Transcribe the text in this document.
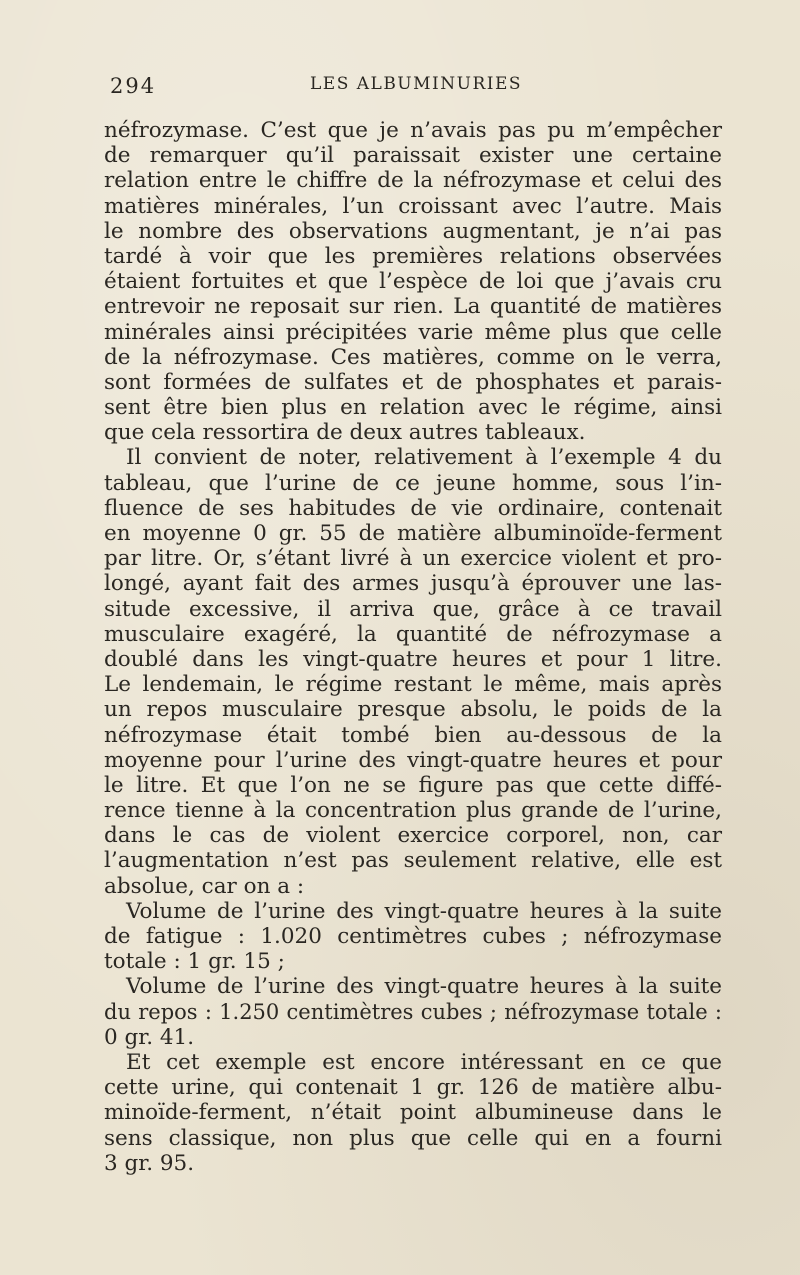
294	LES ALBUMINURIES
néfrozymase. C’est que je n’avais pas pu m’empêcher
de remarquer qu’il paraissait exister une certaine
relation entre le chiffre de la néfrozymase et celui des
matières minérales, l’un croissant avec l’autre. Mais
le nombre des observations augmentant, je n’ai pas
tardé à voir que les premières relations observées
étaient fortuites et que l’espèce de loi que j’avais cru
entrevoir ne reposait sur rien. La quantité de matières
minérales ainsi précipitées varie même plus que celle
de la néfrozymase. Ces matières, comme on le verra,
sont formées de sulfates et de phosphates et parais-
sent être bien plus en relation avec le régime, ainsi
que cela ressortira de deux autres tableaux.
Il convient de noter, relativement à l’exemple 4 du
tableau, que l’urine de ce jeune homme, sous l’in-
fluence de ses habitudes de vie ordinaire, contenait
en moyenne 0 gr. 55 de matière albuminoïde-ferment
par litre. Or, s’étant livré à un exercice violent et pro-
longé, ayant fait des armes jusqu’à éprouver une las-
situde excessive, il arriva que, grâce à ce travail
musculaire exagéré, la quantité de néfrozymase a
doublé dans les vingt-quatre heures et pour 1 litre.
Le lendemain, le régime restant le même, mais après
un repos musculaire presque absolu, le poids de la
néfrozymase était tombé bien au-dessous de la
moyenne pour l’urine des vingt-quatre heures et pour
le litre. Et que l’on ne se figure pas que cette diffé-
rence tienne à la concentration plus grande de l’urine,
dans le cas de violent exercice corporel, non, car
l’augmentation n’est pas seulement relative, elle est
absolue, car on a :
Volume de l’urine des vingt-quatre heures à la suite
de fatigue : 1.020 centimètres cubes ; néfrozymase
totale : 1 gr. 15 ;
Volume de l’urine des vingt-quatre heures à la suite
du repos : 1.250 centimètres cubes ; néfrozymase totale :
0 gr. 41.
Et cet exemple est encore intéressant en ce que
cette urine, qui contenait 1 gr. 126 de matière albu-
minoïde-ferment, n’était point albumineuse dans le
sens classique, non plus que celle qui en a fourni
3 gr. 95.
